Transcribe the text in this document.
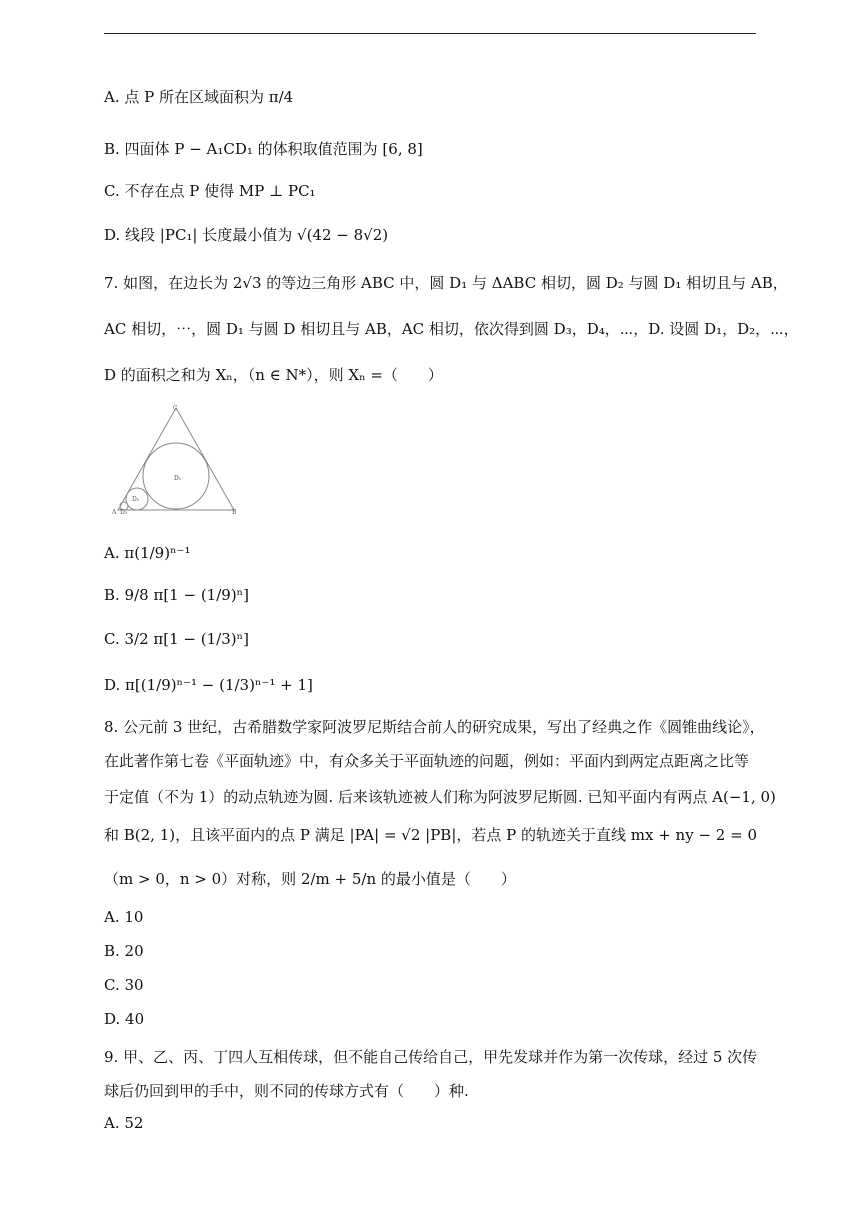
A. 点 P 所在区域面积为 π/4
B. 四面体 P − A₁CD₁ 的体积取值范围为 [6, 8]
C. 不存在点 P 使得 MP ⊥ PC₁
D. 线段 |PC₁| 长度最小值为 √(42 − 8√2)
7. 如图，在边长为 2√3 的等边三角形 ABC 中，圆 D₁ 与 ΔABC 相切，圆 D₂ 与圆 D₁ 相切且与 AB，
AC 相切，⋯，圆 D₁ 与圆 D 相切且与 AB，AC 相切，依次得到圆 D₃，D₄，⋯，D. 设圆 D₁，D₂，⋯，
D 的面积之和为 Xₙ，（n ∈ N*），则 Xₙ =（　　）
C
A	B
D₁
D₂
D₃
A. π(1/9)ⁿ⁻¹
B. 9/8 π[1 − (1/9)ⁿ]
C. 3/2 π[1 − (1/3)ⁿ]
D. π[(1/9)ⁿ⁻¹ − (1/3)ⁿ⁻¹ + 1]
8. 公元前 3 世纪，古希腊数学家阿波罗尼斯结合前人的研究成果，写出了经典之作《圆锥曲线论》，
在此著作第七卷《平面轨迹》中，有众多关于平面轨迹的问题，例如：平面内到两定点距离之比等
于定值（不为 1）的动点轨迹为圆. 后来该轨迹被人们称为阿波罗尼斯圆. 已知平面内有两点 A(−1, 0)
和 B(2, 1)，且该平面内的点 P 满足 |PA| = √2 |PB|，若点 P 的轨迹关于直线 mx + ny − 2 = 0
（m > 0，n > 0）对称，则 2/m + 5/n 的最小值是（　　）
A. 10
B. 20
C. 30
D. 40
9. 甲、乙、丙、丁四人互相传球，但不能自己传给自己，甲先发球并作为第一次传球，经过 5 次传
球后仍回到甲的手中，则不同的传球方式有（　　）种.
A. 52
